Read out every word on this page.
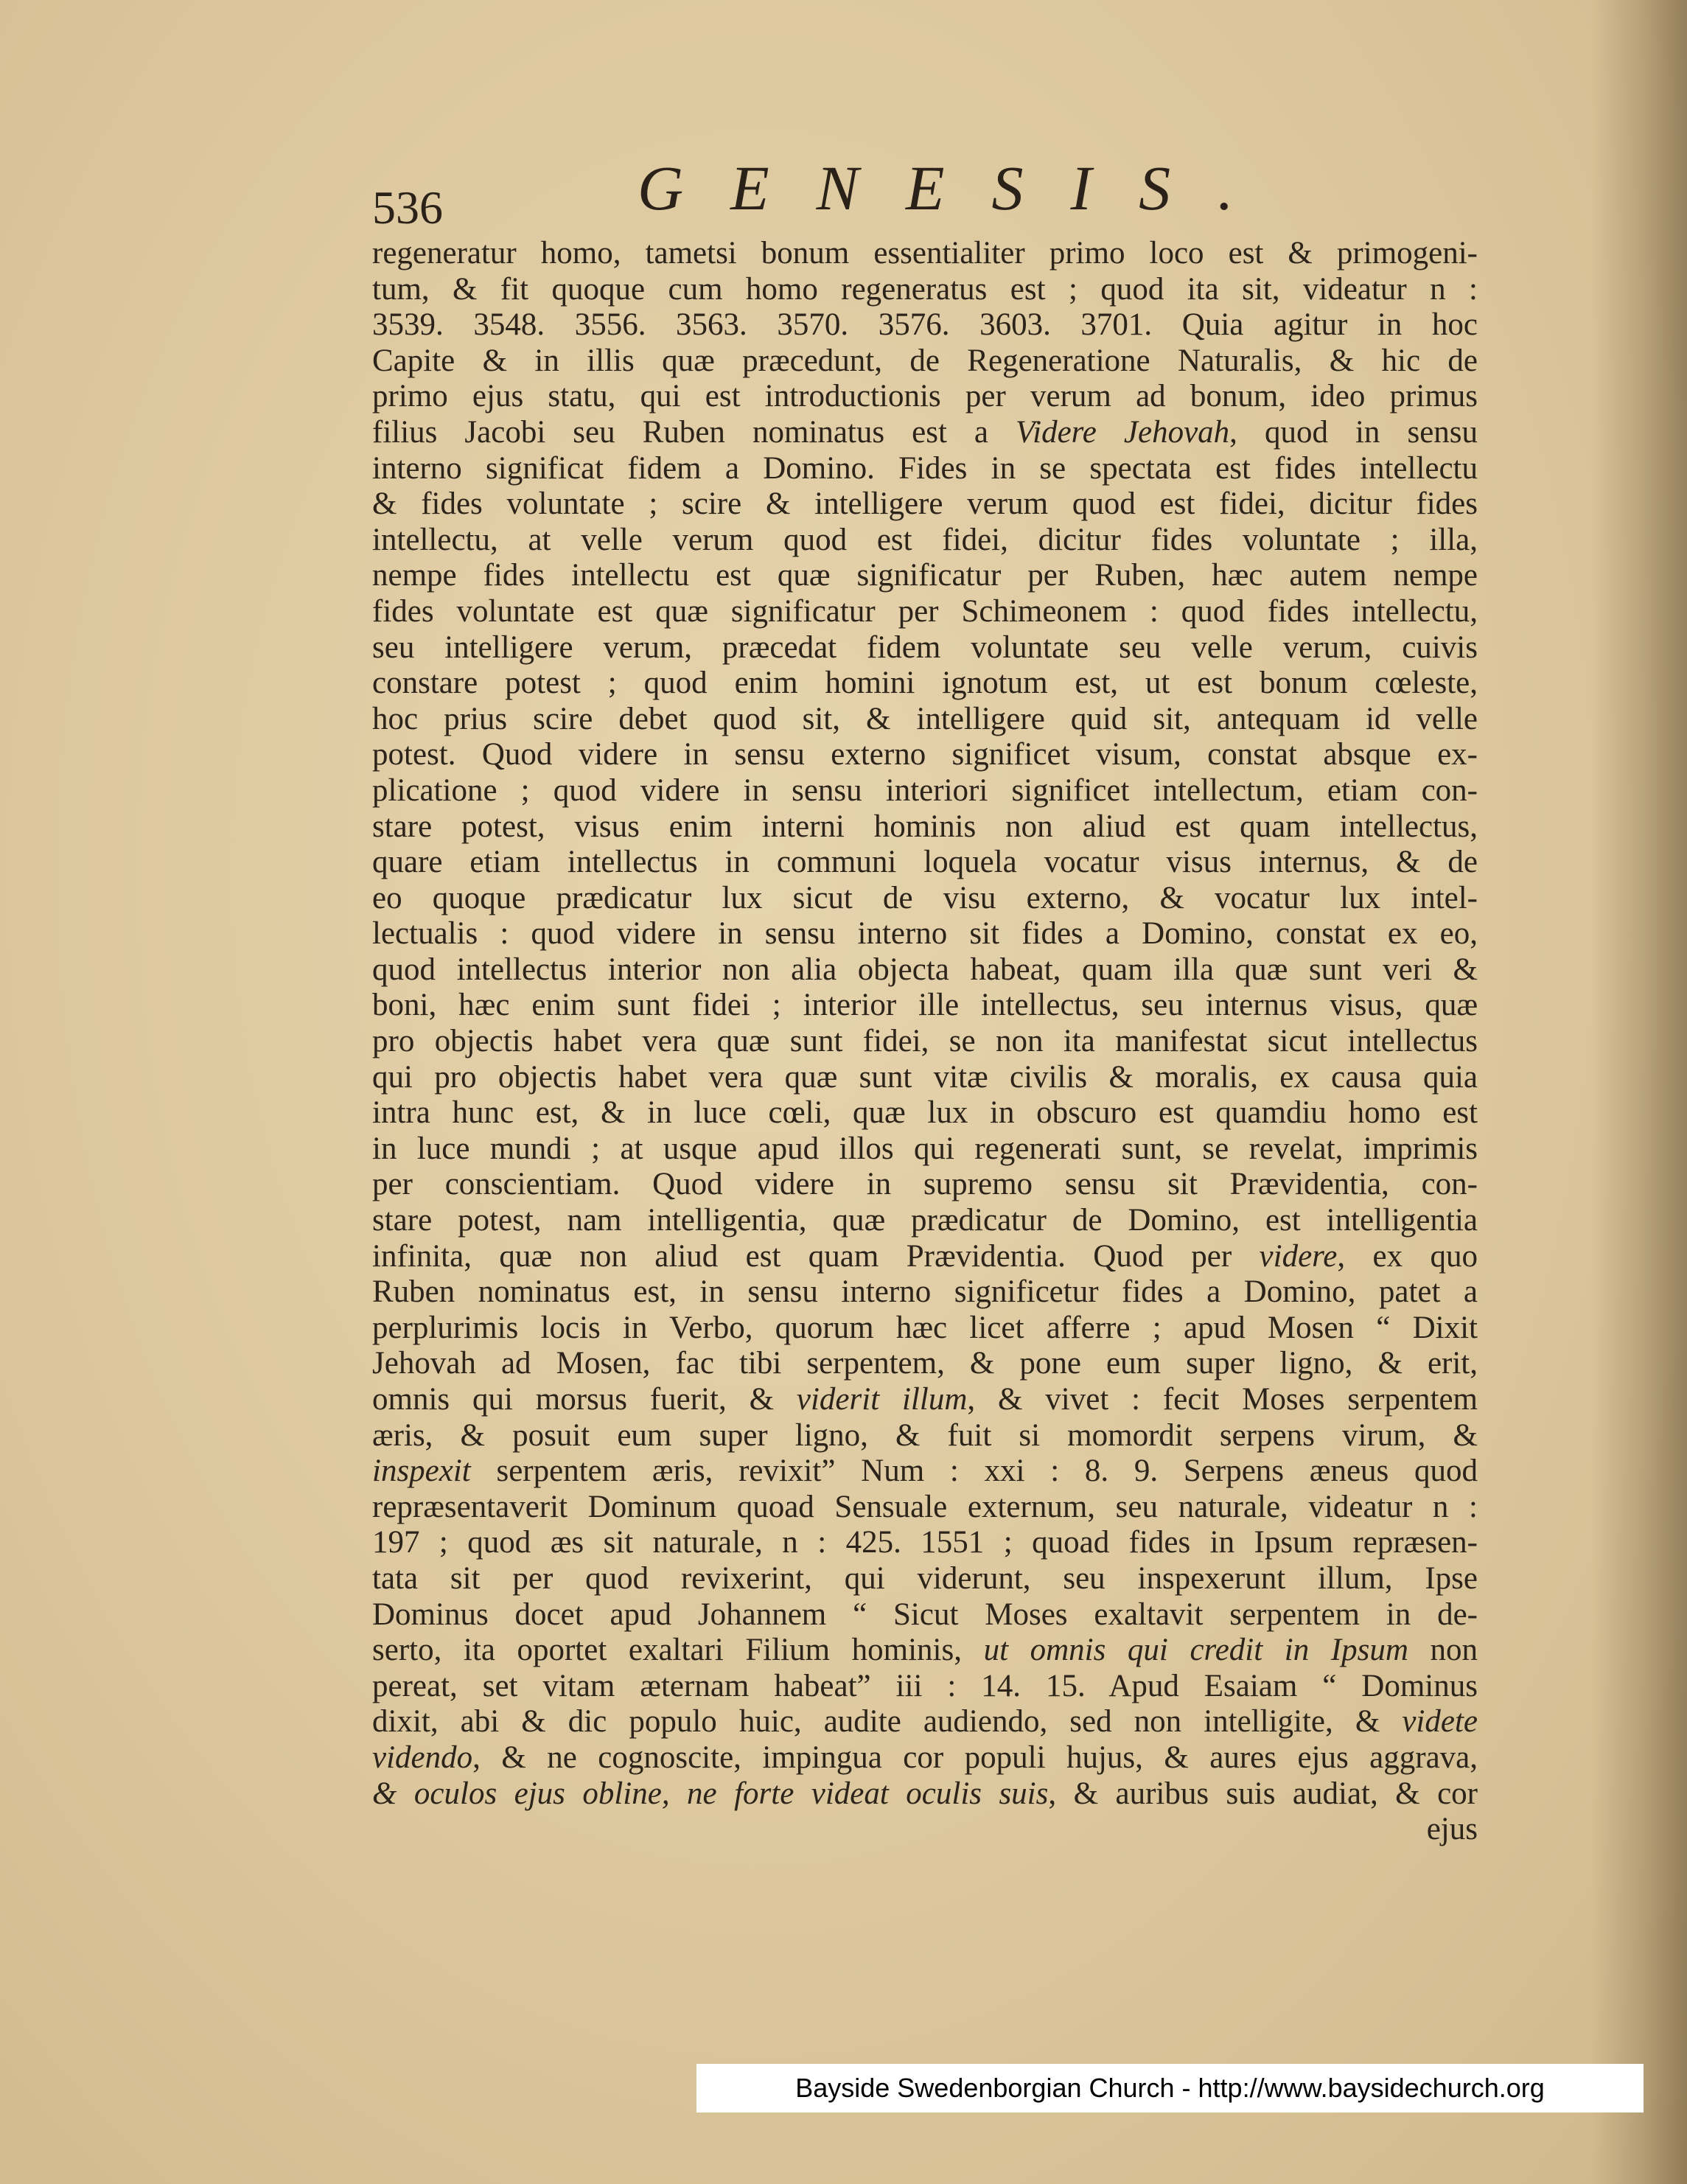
536	GENESIS.
regeneratur homo, tametsi bonum essentialiter primo loco est & primogeni-
tum, & fit quoque cum homo regeneratus est ; quod ita sit, videatur n :
3539. 3548. 3556. 3563. 3570. 3576. 3603. 3701. Quia agitur in hoc
Capite & in illis quæ præcedunt, de Regeneratione Naturalis, & hic de
primo ejus statu, qui est introductionis per verum ad bonum, ideo primus
filius Jacobi seu Ruben nominatus est a Videre Jehovah, quod in sensu
interno significat fidem a Domino. Fides in se spectata est fides intellectu
& fides voluntate ; scire & intelligere verum quod est fidei, dicitur fides
intellectu, at velle verum quod est fidei, dicitur fides voluntate ; illa,
nempe fides intellectu est quæ significatur per Ruben, hæc autem nempe
fides voluntate est quæ significatur per Schimeonem : quod fides intellectu,
seu intelligere verum, præcedat fidem voluntate seu velle verum, cuivis
constare potest ; quod enim homini ignotum est, ut est bonum cœleste,
hoc prius scire debet quod sit, & intelligere quid sit, antequam id velle
potest. Quod videre in sensu externo significet visum, constat absque ex-
plicatione ; quod videre in sensu interiori significet intellectum, etiam con-
stare potest, visus enim interni hominis non aliud est quam intellectus,
quare etiam intellectus in communi loquela vocatur visus internus, & de
eo quoque prædicatur lux sicut de visu externo, & vocatur lux intel-
lectualis : quod videre in sensu interno sit fides a Domino, constat ex eo,
quod intellectus interior non alia objecta habeat, quam illa quæ sunt veri &
boni, hæc enim sunt fidei ; interior ille intellectus, seu internus visus, quæ
pro objectis habet vera quæ sunt fidei, se non ita manifestat sicut intellectus
qui pro objectis habet vera quæ sunt vitæ civilis & moralis, ex causa quia
intra hunc est, & in luce cœli, quæ lux in obscuro est quamdiu homo est
in luce mundi ; at usque apud illos qui regenerati sunt, se revelat, imprimis
per conscientiam. Quod videre in supremo sensu sit Prævidentia, con-
stare potest, nam intelligentia, quæ prædicatur de Domino, est intelligentia
infinita, quæ non aliud est quam Prævidentia. Quod per videre, ex quo
Ruben nominatus est, in sensu interno significetur fides a Domino, patet a
perplurimis locis in Verbo, quorum hæc licet afferre ; apud Mosen “ Dixit
Jehovah ad Mosen, fac tibi serpentem, & pone eum super ligno, & erit,
omnis qui morsus fuerit, & viderit illum, & vivet : fecit Moses serpentem
æris, & posuit eum super ligno, & fuit si momordit serpens virum, &
inspexit serpentem æris, revixit” Num : xxi : 8. 9. Serpens æneus quod
repræsentaverit Dominum quoad Sensuale externum, seu naturale, videatur n :
197 ; quod æs sit naturale, n : 425. 1551 ; quoad fides in Ipsum repræsen-
tata sit per quod revixerint, qui viderunt, seu inspexerunt illum, Ipse
Dominus docet apud Johannem “ Sicut Moses exaltavit serpentem in de-
serto, ita oportet exaltari Filium hominis, ut omnis qui credit in Ipsum non
pereat, set vitam æternam habeat” iii : 14. 15. Apud Esaiam “ Dominus
dixit, abi & dic populo huic, audite audiendo, sed non intelligite, & videte
videndo, & ne cognoscite, impingua cor populi hujus, & aures ejus aggrava,
& oculos ejus obline, ne forte videat oculis suis, & auribus suis audiat, & cor
ejus
Bayside Swedenborgian Church - http://www.baysidechurch.org
